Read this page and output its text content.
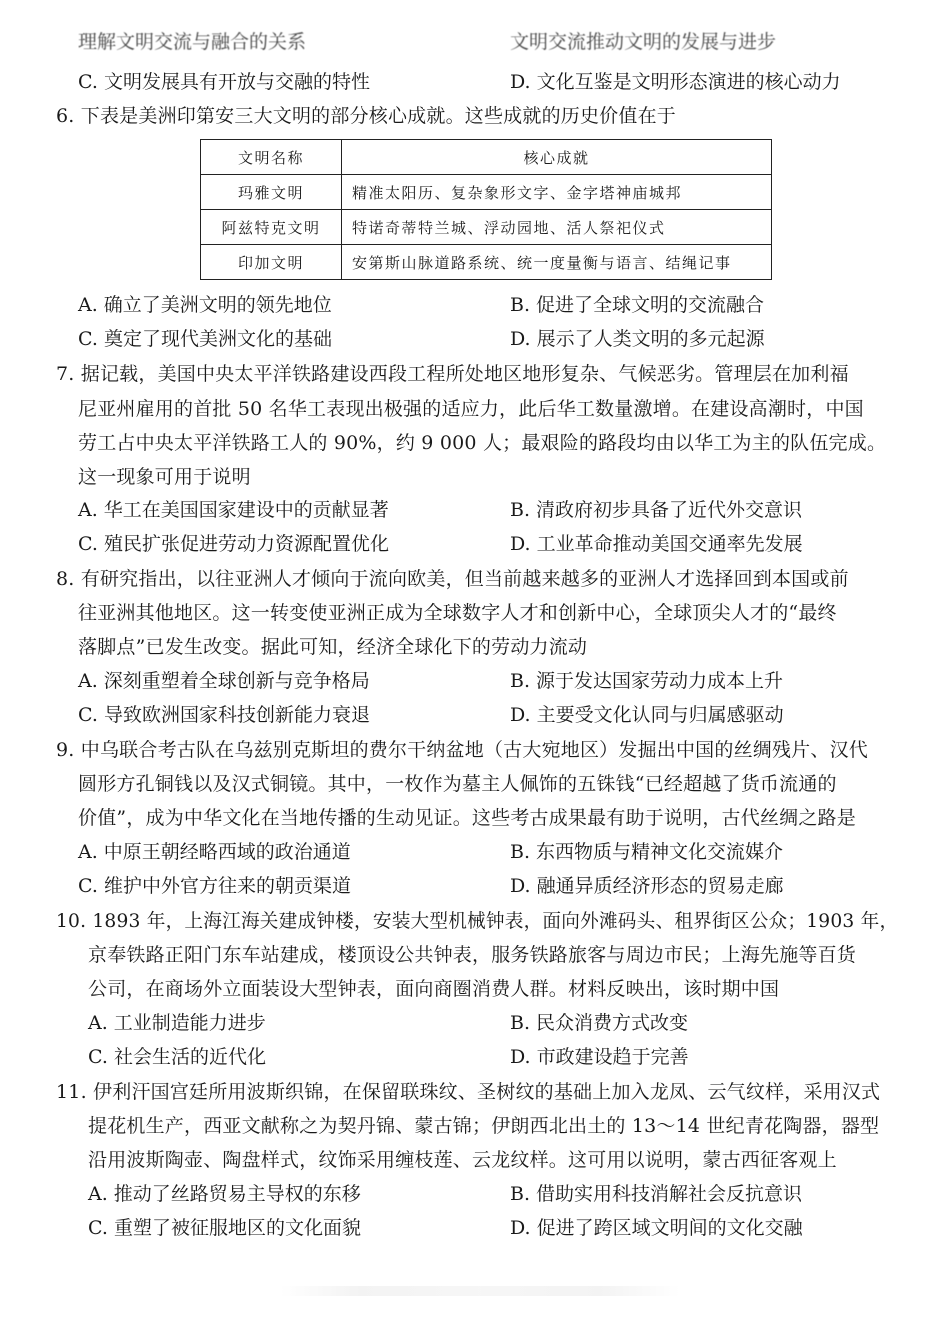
理解文明交流与融合的关系	文明交流推动文明的发展与进步
C. 文明发展具有开放与交融的特性	D. 文化互鉴是文明形态演进的核心动力
6. 下表是美洲印第安三大文明的部分核心成就。这些成就的历史价值在于
文明名称	核心成就
玛雅文明	精准太阳历、复杂象形文字、金字塔神庙城邦
阿兹特克文明	特诺奇蒂特兰城、浮动园地、活人祭祀仪式
印加文明	安第斯山脉道路系统、统一度量衡与语言、结绳记事
A. 确立了美洲文明的领先地位	B. 促进了全球文明的交流融合
C. 奠定了现代美洲文化的基础	D. 展示了人类文明的多元起源
7. 据记载，美国中央太平洋铁路建设西段工程所处地区地形复杂、气候恶劣。管理层在加利福
尼亚州雇用的首批 50 名华工表现出极强的适应力，此后华工数量激增。在建设高潮时，中国
劳工占中央太平洋铁路工人的 90%，约 9 000 人；最艰险的路段均由以华工为主的队伍完成。
这一现象可用于说明
A. 华工在美国国家建设中的贡献显著	B. 清政府初步具备了近代外交意识
C. 殖民扩张促进劳动力资源配置优化	D. 工业革命推动美国交通率先发展
8. 有研究指出，以往亚洲人才倾向于流向欧美，但当前越来越多的亚洲人才选择回到本国或前
往亚洲其他地区。这一转变使亚洲正成为全球数字人才和创新中心，全球顶尖人才的“最终
落脚点”已发生改变。据此可知，经济全球化下的劳动力流动
A. 深刻重塑着全球创新与竞争格局	B. 源于发达国家劳动力成本上升
C. 导致欧洲国家科技创新能力衰退	D. 主要受文化认同与归属感驱动
9. 中乌联合考古队在乌兹别克斯坦的费尔干纳盆地（古大宛地区）发掘出中国的丝绸残片、汉代
圆形方孔铜钱以及汉式铜镜。其中，一枚作为墓主人佩饰的五铢钱“已经超越了货币流通的
价值”，成为中华文化在当地传播的生动见证。这些考古成果最有助于说明，古代丝绸之路是
A. 中原王朝经略西域的政治通道	B. 东西物质与精神文化交流媒介
C. 维护中外官方往来的朝贡渠道	D. 融通异质经济形态的贸易走廊
10. 1893 年，上海江海关建成钟楼，安装大型机械钟表，面向外滩码头、租界街区公众；1903 年，
京奉铁路正阳门东车站建成，楼顶设公共钟表，服务铁路旅客与周边市民；上海先施等百货
公司，在商场外立面装设大型钟表，面向商圈消费人群。材料反映出，该时期中国
A. 工业制造能力进步	B. 民众消费方式改变
C. 社会生活的近代化	D. 市政建设趋于完善
11. 伊利汗国宫廷所用波斯织锦，在保留联珠纹、圣树纹的基础上加入龙凤、云气纹样，采用汉式
提花机生产，西亚文献称之为契丹锦、蒙古锦；伊朗西北出土的 13～14 世纪青花陶器，器型
沿用波斯陶壶、陶盘样式，纹饰采用缠枝莲、云龙纹样。这可用以说明，蒙古西征客观上
A. 推动了丝路贸易主导权的东移	B. 借助实用科技消解社会反抗意识
C. 重塑了被征服地区的文化面貌	D. 促进了跨区域文明间的文化交融
